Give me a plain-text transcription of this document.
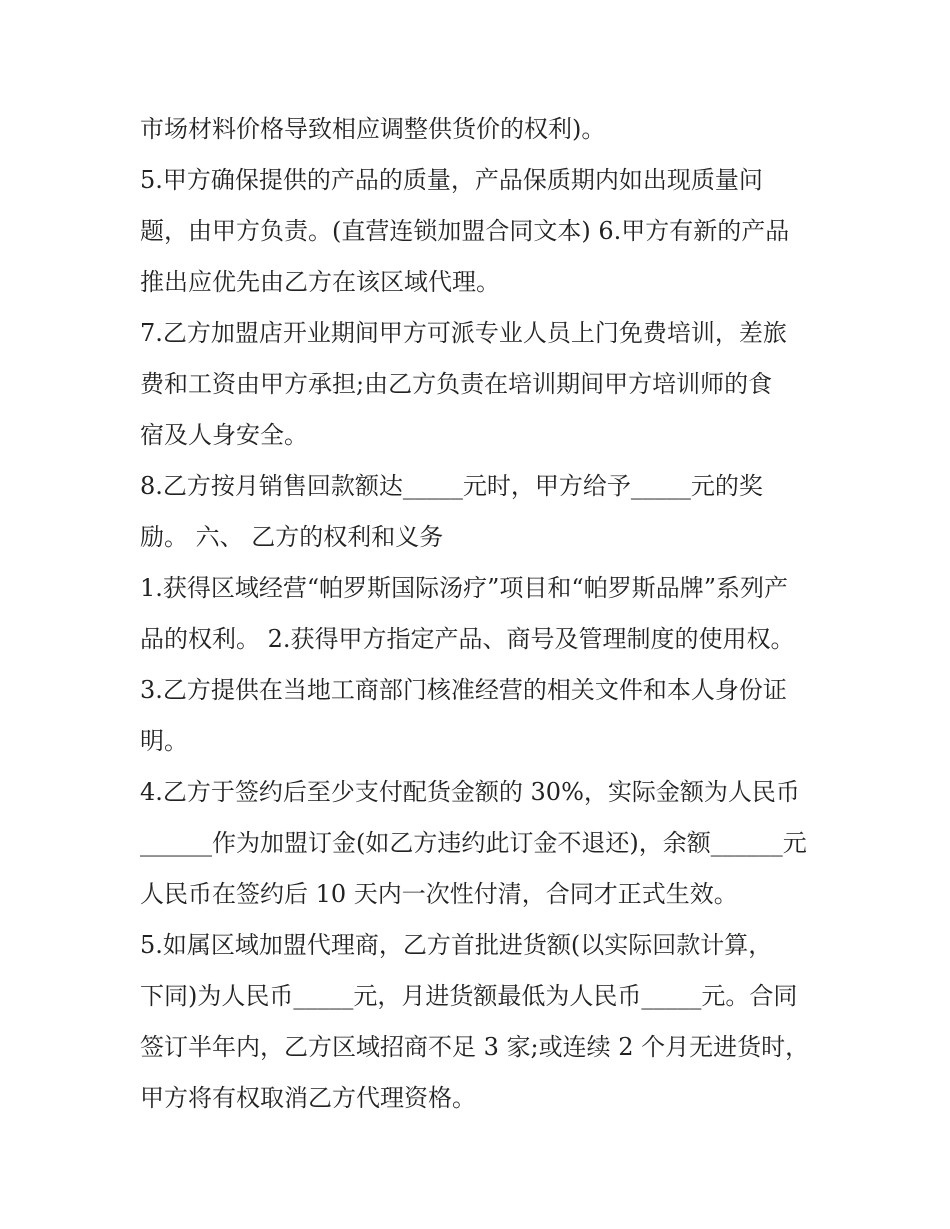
市场材料价格导致相应调整供货价的权利)。
5.甲方确保提供的产品的质量，产品保质期内如出现质量问
题，由甲方负责。(直营连锁加盟合同文本) 6.甲方有新的产品
推出应优先由乙方在该区域代理。
7.乙方加盟店开业期间甲方可派专业人员上门免费培训，差旅
费和工资由甲方承担;由乙方负责在培训期间甲方培训师的食
宿及人身安全。
8.乙方按月销售回款额达_____元时，甲方给予_____元的奖
励。 六、 乙方的权利和义务
1.获得区域经营“帕罗斯国际汤疗”项目和“帕罗斯品牌”系列产
品的权利。 2.获得甲方指定产品、商号及管理制度的使用权。
3.乙方提供在当地工商部门核准经营的相关文件和本人身份证
明。
4.乙方于签约后至少支付配货金额的 30%，实际金额为人民币
______作为加盟订金(如乙方违约此订金不退还)，余额______元
人民币在签约后 10 天内一次性付清，合同才正式生效。
5.如属区域加盟代理商，乙方首批进货额(以实际回款计算，
下同)为人民币_____元，月进货额最低为人民币_____元。合同
签订半年内，乙方区域招商不足 3 家;或连续 2 个月无进货时，
甲方将有权取消乙方代理资格。
